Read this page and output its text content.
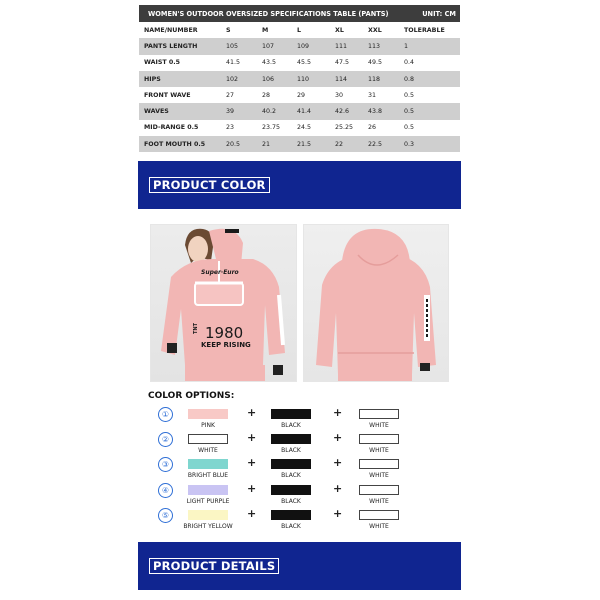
WOMEN'S OUTDOOR OVERSIZED SPECIFICATIONS TABLE (PANTS)	UNIT: CM
NAME/NUMBER	S	M	L	XL	XXL	TOLERABLE
PANTS LENGTH	105	107	109	111	113	1
WAIST 0.5	41.5	43.5	45.5	47.5	49.5	0.4
HIPS	102	106	110	114	118	0.8
FRONT WAVE	27	28	29	30	31	0.5
WAVES	39	40.2	41.4	42.6	43.8	0.5
MID-RANGE 0.5	23	23.75	24.5	25.25	26	0.5
FOOT MOUTH 0.5	20.5	21	21.5	22	22.5	0.3
PRODUCT COLOR
Super·Euro
TNT 1980
KEEP RISING
COLOR OPTIONS:
①
PINK	BLACK	WHITE
+	+
②
WHITE	BLACK	WHITE
+	+
③
BRIGHT BLUE	BLACK	WHITE
+	+
④
LIGHT PURPLE	BLACK	WHITE
+	+
⑤
BRIGHT YELLOW	BLACK	WHITE
+	+
PRODUCT DETAILS
